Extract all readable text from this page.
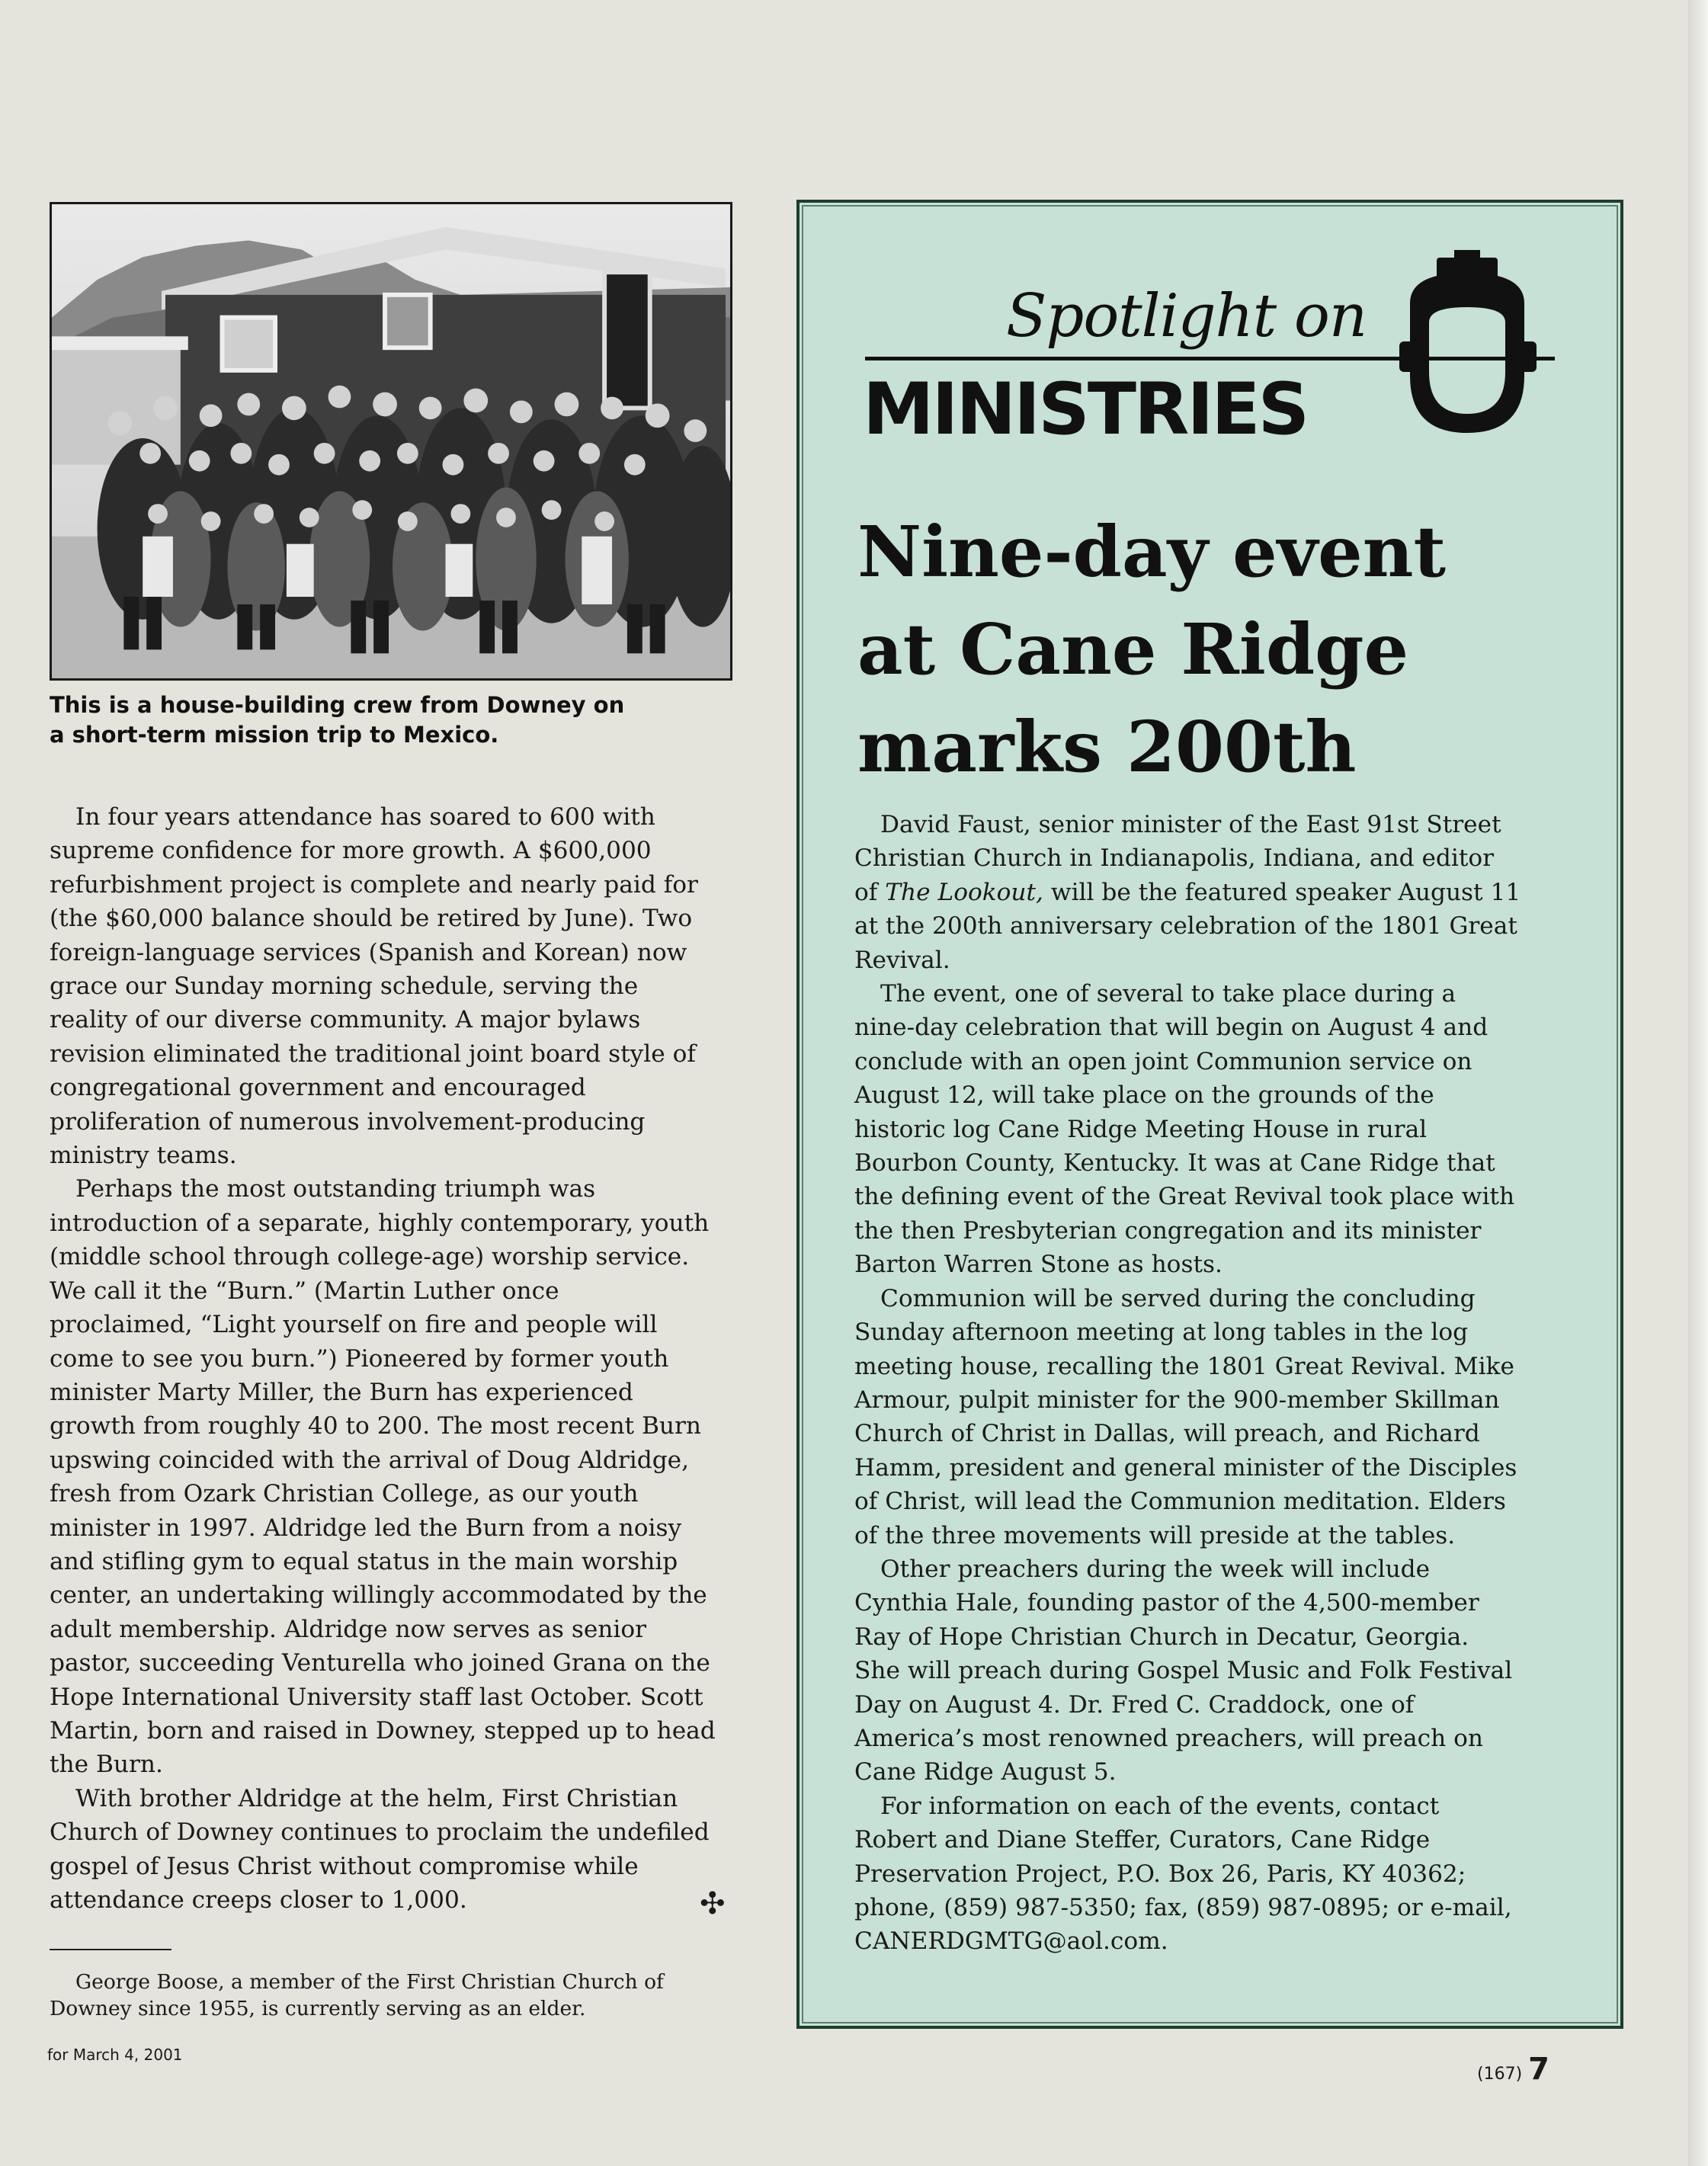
This is a house-building crew from Downey on
a short-term mission trip to Mexico.

In four years attendance has soared to 600 with
supreme confidence for more growth. A $600,000
refurbishment project is complete and nearly paid for
(the $60,000 balance should be retired by June). Two
foreign-language services (Spanish and Korean) now
grace our Sunday morning schedule, serving the
reality of our diverse community. A major bylaws
revision eliminated the traditional joint board style of
congregational government and encouraged
proliferation of numerous involvement-producing
ministry teams.

Perhaps the most outstanding triumph was
introduction of a separate, highly contemporary, youth
(middle school through college-age) worship service.
We call it the “Burn.” (Martin Luther once
proclaimed, “Light yourself on fire and people will
come to see you burn.”) Pioneered by former youth
minister Marty Miller, the Burn has experienced
growth from roughly 40 to 200. The most recent Burn
upswing coincided with the arrival of Doug Aldridge,
fresh from Ozark Christian College, as our youth
minister in 1997. Aldridge led the Burn from a noisy
and stifling gym to equal status in the main worship
center, an undertaking willingly accommodated by the
adult membership. Aldridge now serves as senior
pastor, succeeding Venturella who joined Grana on the
Hope International University staff last October. Scott
Martin, born and raised in Downey, stepped up to head
the Burn.

With brother Aldridge at the helm, First Christian
Church of Downey continues to proclaim the undefiled
gospel of Jesus Christ without compromise while
attendance creeps closer to 1,000.	✣

George Boose, a member of the First Christian Church of
Downey since 1955, is currently serving as an elder.

for March 4, 2001
(167) 7
Spotlight on
MINISTRIES
Nine-day event
at Cane Ridge
marks 200th

David Faust, senior minister of the East 91st Street
Christian Church in Indianapolis, Indiana, and editor
of The Lookout, will be the featured speaker August 11
at the 200th anniversary celebration of the 1801 Great
Revival.

The event, one of several to take place during a
nine-day celebration that will begin on August 4 and
conclude with an open joint Communion service on
August 12, will take place on the grounds of the
historic log Cane Ridge Meeting House in rural
Bourbon County, Kentucky. It was at Cane Ridge that
the defining event of the Great Revival took place with
the then Presbyterian congregation and its minister
Barton Warren Stone as hosts.

Communion will be served during the concluding
Sunday afternoon meeting at long tables in the log
meeting house, recalling the 1801 Great Revival. Mike
Armour, pulpit minister for the 900-member Skillman
Church of Christ in Dallas, will preach, and Richard
Hamm, president and general minister of the Disciples
of Christ, will lead the Communion meditation. Elders
of the three movements will preside at the tables.

Other preachers during the week will include
Cynthia Hale, founding pastor of the 4,500-member
Ray of Hope Christian Church in Decatur, Georgia.
She will preach during Gospel Music and Folk Festival
Day on August 4. Dr. Fred C. Craddock, one of
America’s most renowned preachers, will preach on
Cane Ridge August 5.

For information on each of the events, contact
Robert and Diane Steffer, Curators, Cane Ridge
Preservation Project, P.O. Box 26, Paris, KY 40362;
phone, (859) 987-5350; fax, (859) 987-0895; or e-mail,
CANERDGMTG@aol.com.
